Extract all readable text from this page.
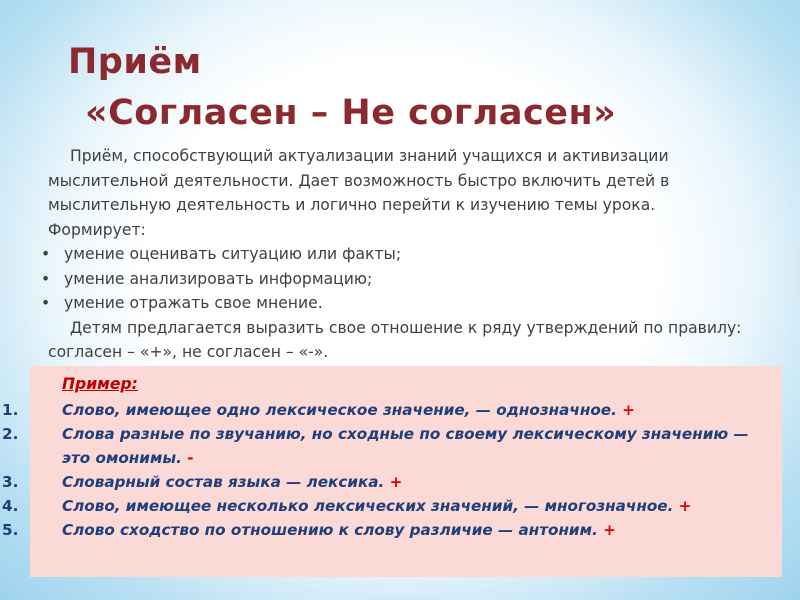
Приём
«Согласен – Не согласен»

Приём, способствующий актуализации знаний учащихся и активизации мыслительной деятельности. Дает возможность быстро включить детей в мыслительную деятельность и логично перейти к изучению темы урока.

Формирует:

• умение оценивать ситуацию или факты;
• умение анализировать информацию;
• умение отражать свое мнение.

Детям предлагается выразить свое отношение к ряду утверждений по правилу: согласен – «+», не согласен – «-».

Пример:
1.	Слово, имеющее одно лексическое значение, — однозначное. +
2.	Слова разные по звучанию, но сходные по своему лексическому значению — это омонимы. -
3.	Словарный состав языка — лексика. +
4.	Слово, имеющее несколько лексических значений, — многозначное. +
5.	Слово сходство по отношению к слову различие — антоним. +
